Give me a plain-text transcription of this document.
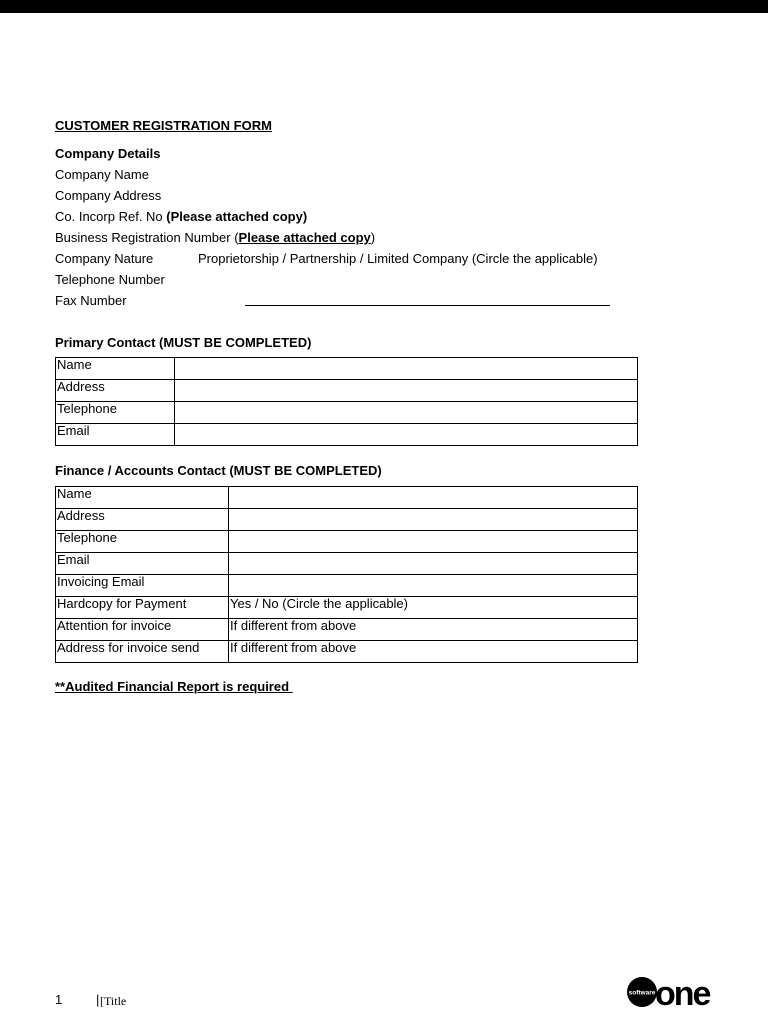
CUSTOMER REGISTRATION FORM
Company Details
Company Name
Company Address
Co. Incorp Ref. No (Please attached copy)
Business Registration Number (Please attached copy)
Company Nature	Proprietorship / Partnership / Limited Company (Circle the applicable)
Telephone Number
Fax Number
Primary Contact (MUST BE COMPLETED)
Name	
Address	
Telephone	
Email	
Finance / Accounts Contact (MUST BE COMPLETED)
Name	
Address	
Telephone	
Email	
Invoicing Email	
Hardcopy for Payment	Yes / No (Circle the applicable)
Attention for invoice	If different from above
Address for invoice send	If different from above
**Audited Financial Report is required
1	| [Title
software one
